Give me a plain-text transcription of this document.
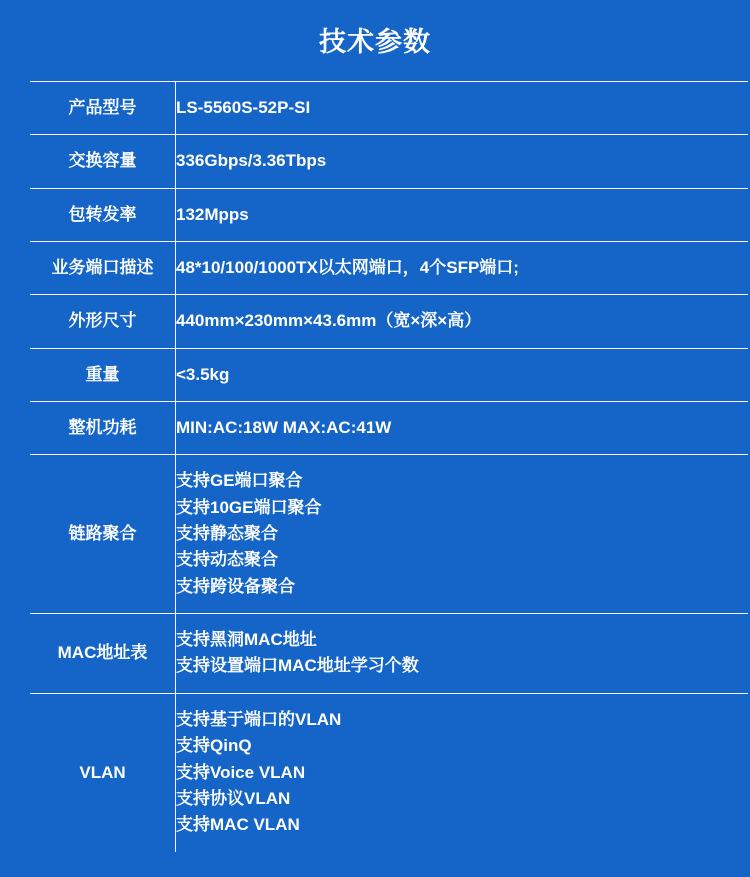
技术参数
产品型号	LS-5560S-52P-SI

交换容量	336Gbps/3.36Tbps

包转发率	132Mpps

业务端口描述	48*10/100/1000TX以太网端口，4个SFP端口;

外形尺寸	440mm×230mm×43.6mm（宽×深×高）

重量	<3.5kg

整机功耗	MIN:AC:18W MAX:AC:41W

链路聚合	支持GE端口聚合
支持10GE端口聚合
支持静态聚合
支持动态聚合
支持跨设备聚合

MAC地址表	支持黑洞MAC地址
支持设置端口MAC地址学习个数

VLAN	支持基于端口的VLAN
支持QinQ
支持Voice VLAN
支持协议VLAN
支持MAC VLAN
